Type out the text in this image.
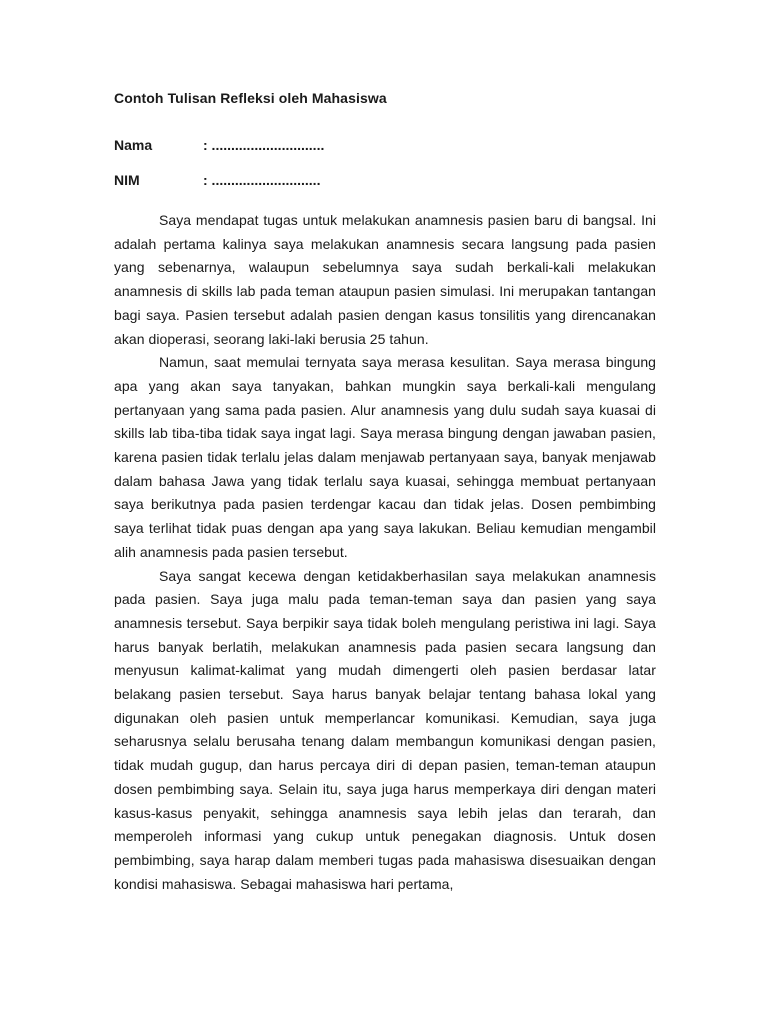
Contoh Tulisan Refleksi oleh Mahasiswa
Nama	: .............................
NIM	: ............................

Saya mendapat tugas untuk melakukan anamnesis pasien baru di bangsal. Ini adalah pertama kalinya saya melakukan anamnesis secara langsung pada pasien yang sebenarnya, walaupun sebelumnya saya sudah berkali-kali melakukan anamnesis di skills lab pada teman ataupun pasien simulasi. Ini merupakan tantangan bagi saya. Pasien tersebut adalah pasien dengan kasus tonsilitis yang direncanakan akan dioperasi, seorang laki-laki berusia 25 tahun.

Namun, saat memulai ternyata saya merasa kesulitan. Saya merasa bingung apa yang akan saya tanyakan, bahkan mungkin saya berkali-kali mengulang pertanyaan yang sama pada pasien. Alur anamnesis yang dulu sudah saya kuasai di skills lab tiba-tiba tidak saya ingat lagi. Saya merasa bingung dengan jawaban pasien, karena pasien tidak terlalu jelas dalam menjawab pertanyaan saya, banyak menjawab dalam bahasa Jawa yang tidak terlalu saya kuasai, sehingga membuat pertanyaan saya berikutnya pada pasien terdengar kacau dan tidak jelas. Dosen pembimbing saya terlihat tidak puas dengan apa yang saya lakukan. Beliau kemudian mengambil alih anamnesis pada pasien tersebut.

Saya sangat kecewa dengan ketidakberhasilan saya melakukan anamnesis pada pasien. Saya juga malu pada teman-teman saya dan pasien yang saya anamnesis tersebut. Saya berpikir saya tidak boleh mengulang peristiwa ini lagi. Saya harus banyak berlatih, melakukan anamnesis pada pasien secara langsung dan menyusun kalimat-kalimat yang mudah dimengerti oleh pasien berdasar latar belakang pasien tersebut. Saya harus banyak belajar tentang bahasa lokal yang digunakan oleh pasien untuk memperlancar komunikasi. Kemudian, saya juga seharusnya selalu berusaha tenang dalam membangun komunikasi dengan pasien, tidak mudah gugup, dan harus percaya diri di depan pasien, teman-teman ataupun dosen pembimbing saya. Selain itu, saya juga harus memperkaya diri dengan materi kasus-kasus penyakit, sehingga anamnesis saya lebih jelas dan terarah, dan memperoleh informasi yang cukup untuk penegakan diagnosis. Untuk dosen pembimbing, saya harap dalam memberi tugas pada mahasiswa disesuaikan dengan kondisi mahasiswa. Sebagai mahasiswa hari pertama,
